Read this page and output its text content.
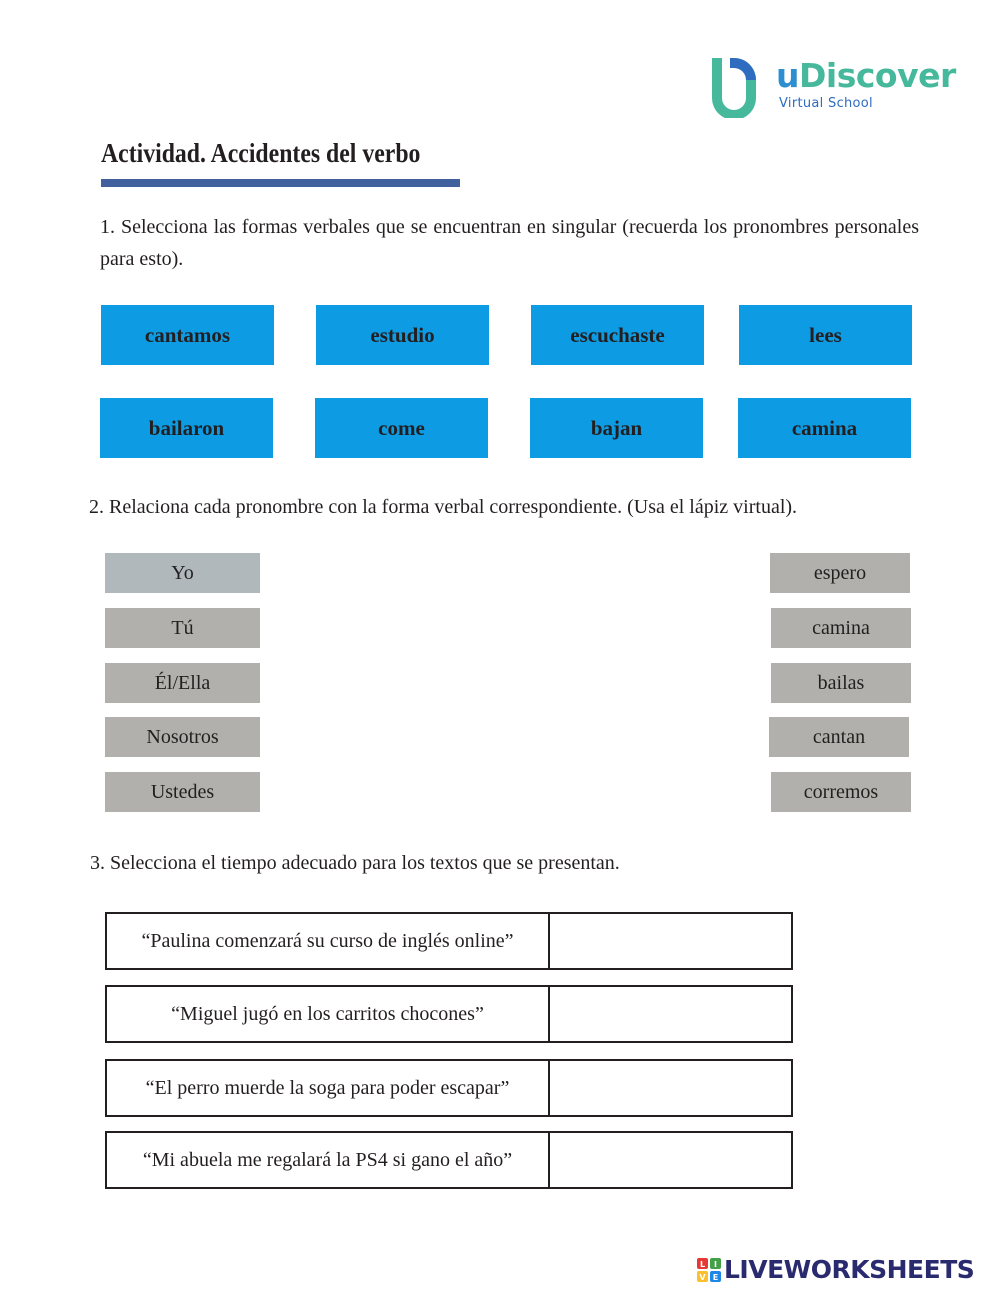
uDiscover
Virtual School
Actividad. Accidentes del verbo
1. Selecciona las formas verbales que se encuentran en singular (recuerda los pronombres personales para esto).
cantamos	estudio	escuchaste	lees
bailaron	come	bajan	camina
2. Relaciona cada pronombre con la forma verbal correspondiente. (Usa el lápiz virtual).
Yo
Tú
Él/Ella
Nosotros
Ustedes
espero
camina
bailas
cantan
corremos
3. Selecciona el tiempo adecuado para los textos que se presentan.
“Paulina comenzará su curso de inglés online”
“Miguel jugó en los carritos chocones”
“El perro muerde la soga para poder escapar”
“Mi abuela me regalará la PS4 si gano el año”
L I
V E LIVEWORKSHEETS
